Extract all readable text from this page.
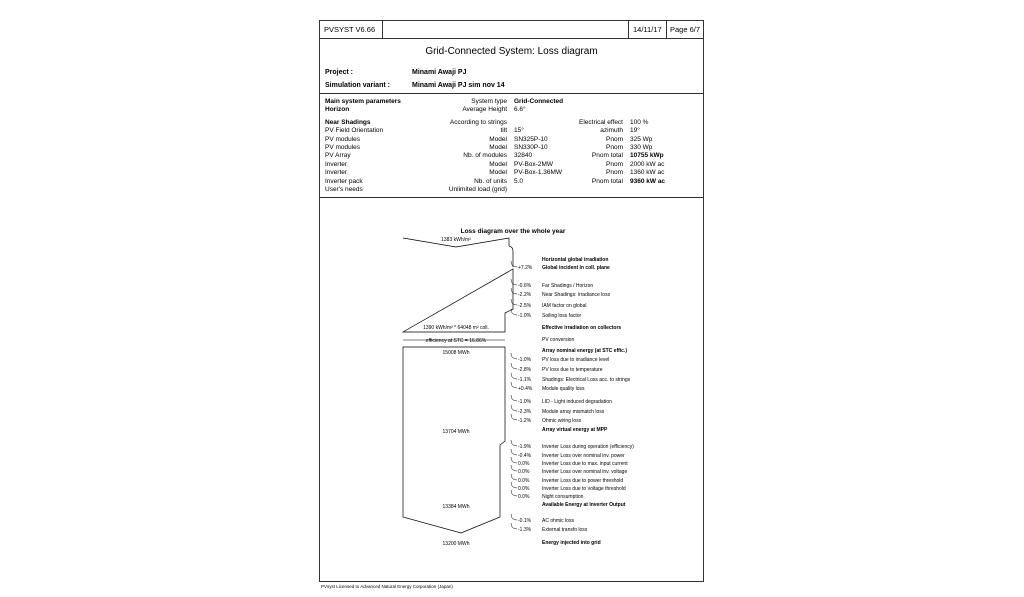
PVSYST V6.66	14/11/17 Page 6/7
Grid-Connected System: Loss diagram
Project :	Minami Awaji PJ
Simulation variant :	Minami Awaji PJ sim nov 14
Main system parameters	System type Grid-Connected
Horizon	Average Height 6.6°
Near Shadings	According to strings	Electrical effect 100 %
PV Field Orientation	tilt 15°	azimuth 19°
PV modules	Model SN325P-10	Pnom 325 Wp
PV modules	Model SN330P-10	Pnom 330 Wp
PV Array	Nb. of modules 32840	Pnom total 10755 kWp
Inverter	Model PV-Box-2MW	Pnom 2000 kW ac
Inverter	Model PV-Box-1.36MW	Pnom 1360 kW ac
Inverter pack	Nb. of units 5.0	Pnom total 9360 kW ac
User's needs	Unlimited load (grid)
Loss diagram over the whole year
1383 kWh/m²
1390 kWh/m² * 64048 m² coll.
efficiency at STC = 16.86%
15008 MWh
13704 MWh
13384 MWh
13200 MWh
Horizontal global irradiation
+7.2% Global incident in coll. plane
-0.6% Far Shadings / Horizon
-2.2% Near Shadings: irradiance loss
-2.5% IAM factor on global
-1.0% Soiling loss factor
Effective irradiation on collectors
PV conversion
Array nominal energy (at STC effic.)
-1.0% PV loss due to irradiance level
-2.8% PV loss due to temperature
-1.1% Shadings: Electrical Loss acc. to strings
+0.4% Module quality loss
-1.0% LID - Light induced degradation
-2.3% Module array mismatch loss
-1.2% Ohmic wiring loss
Array virtual energy at MPP
-1.9% Inverter Loss during operation (efficiency)
-0.4% Inverter Loss over nominal inv. power
0.0%	Inverter Loss due to max. input current
0.0%	Inverter Loss over nominal inv. voltage
0.0%	Inverter Loss due to power threshold
0.0%	Inverter Loss due to voltage threshold
0.0%	Night consumption
Available Energy at Inverter Output
-0.1% AC ohmic loss
-1.3% External transfo loss
Energy injected into grid
PVsyst Licensed to Advanced Natural Energy Corporation (Japan)
